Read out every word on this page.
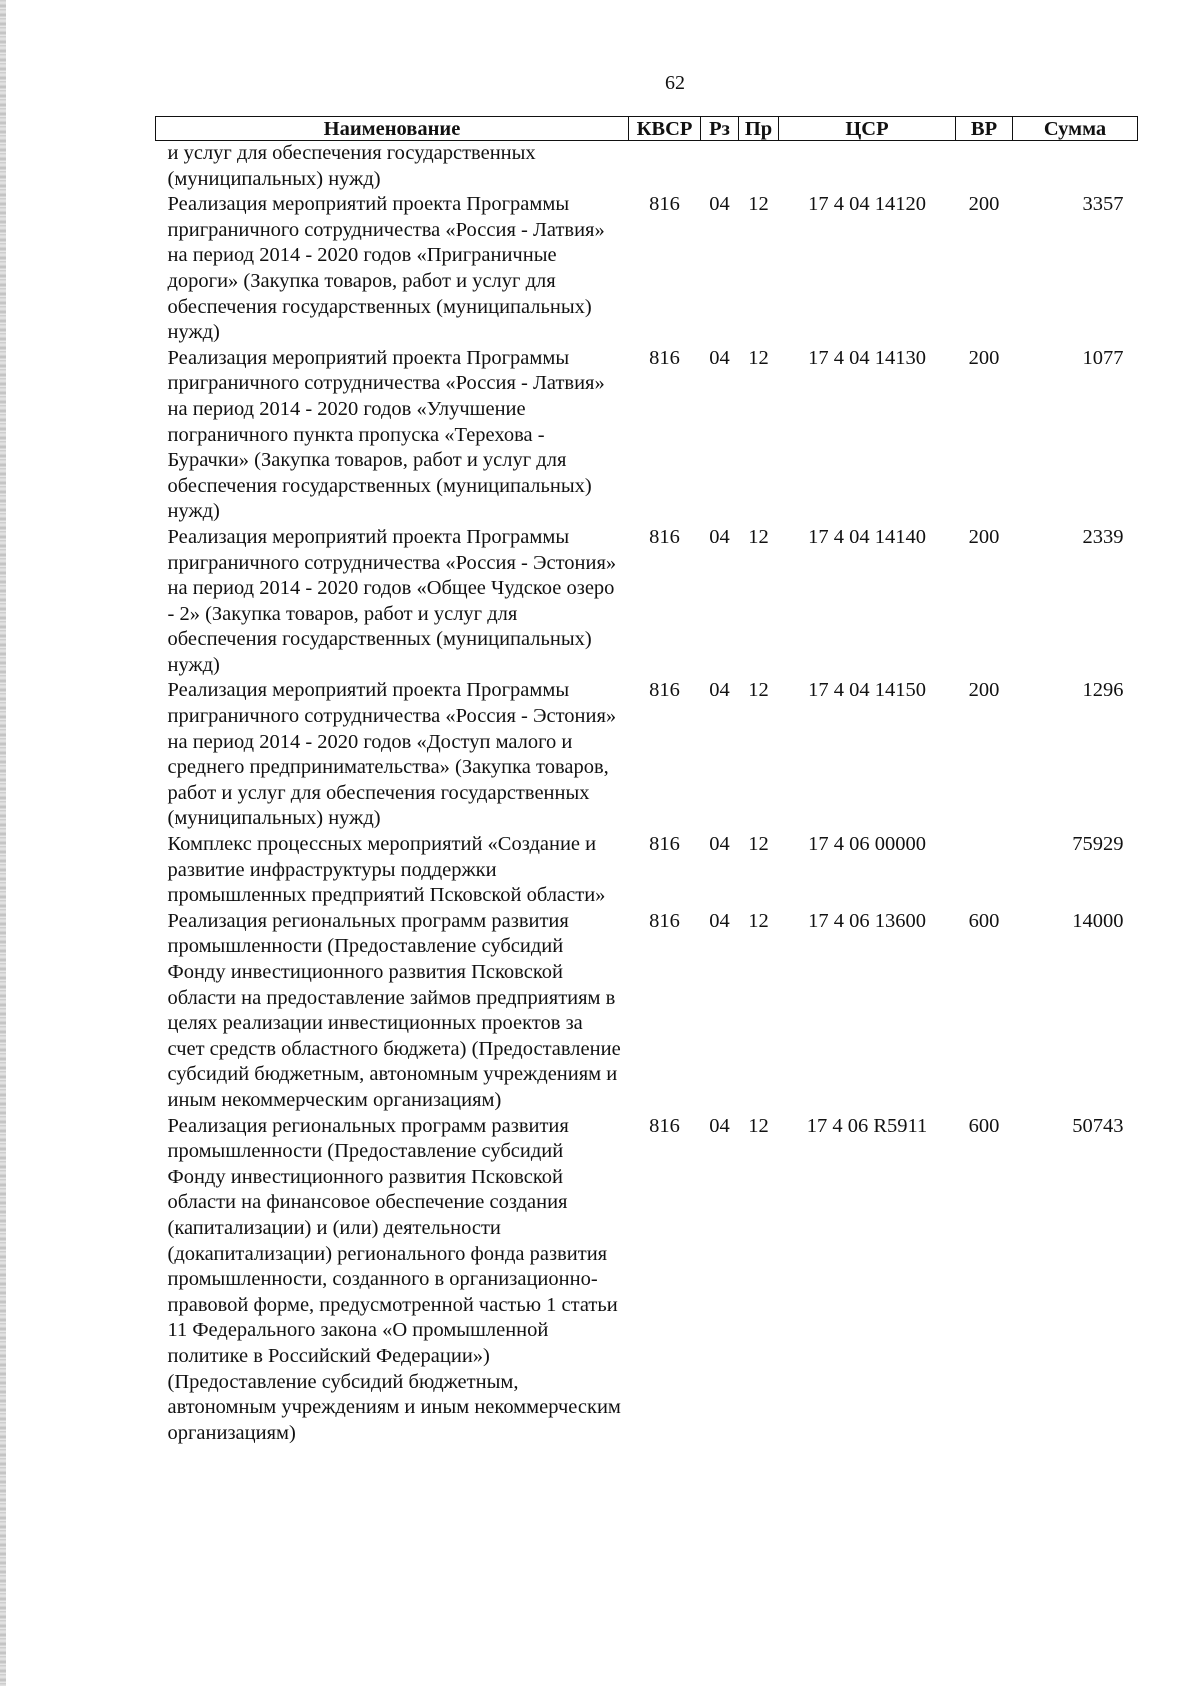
62
Наименование	КВСР	Рз	Пр	ЦСР	ВР	Сумма
и услуг для обеспечения государственных (муниципальных) нужд)						
Реализация мероприятий проекта Программы приграничного сотрудничества «Россия - Латвия» на период 2014 - 2020 годов «Приграничные дороги» (Закупка товаров, работ и услуг для обеспечения государственных (муниципальных) нужд)	816	04	12	17 4 04 14120	200	3357
Реализация мероприятий проекта Программы приграничного сотрудничества «Россия - Латвия» на период 2014 - 2020 годов «Улучшение пограничного пункта пропуска «Терехова - Бурачки» (Закупка товаров, работ и услуг для обеспечения государственных (муниципальных) нужд)	816	04	12	17 4 04 14130	200	1077
Реализация мероприятий проекта Программы приграничного сотрудничества «Россия - Эстония» на период 2014 - 2020 годов «Общее Чудское озеро - 2» (Закупка товаров, работ и услуг для обеспечения государственных (муниципальных) нужд)	816	04	12	17 4 04 14140	200	2339
Реализация мероприятий проекта Программы приграничного сотрудничества «Россия - Эстония» на период 2014 - 2020 годов «Доступ малого и среднего предпринимательства» (Закупка товаров, работ и услуг для обеспечения государственных (муниципальных) нужд)	816	04	12	17 4 04 14150	200	1296
Комплекс процессных мероприятий «Создание и развитие инфраструктуры поддержки промышленных предприятий Псковской области»	816	04	12	17 4 06 00000		75929
Реализация региональных программ развития промышленности (Предоставление субсидий Фонду инвестиционного развития Псковской области на предоставление займов предприятиям в целях реализации инвестиционных проектов за счет средств областного бюджета) (Предоставление субсидий бюджетным, автономным учреждениям и иным некоммерческим организациям)	816	04	12	17 4 06 13600	600	14000
Реализация региональных программ развития промышленности (Предоставление субсидий Фонду инвестиционного развития Псковской области на финансовое обеспечение создания (капитализации) и (или) деятельности (докапитализации) регионального фонда развития промышленности, созданного в организационно-правовой форме, предусмотренной частью 1 статьи 11 Федерального закона «О промышленной политике в Российский Федерации») (Предоставление субсидий бюджетным, автономным учреждениям и иным некоммерческим организациям)	816	04	12	17 4 06 R5911	600	50743
